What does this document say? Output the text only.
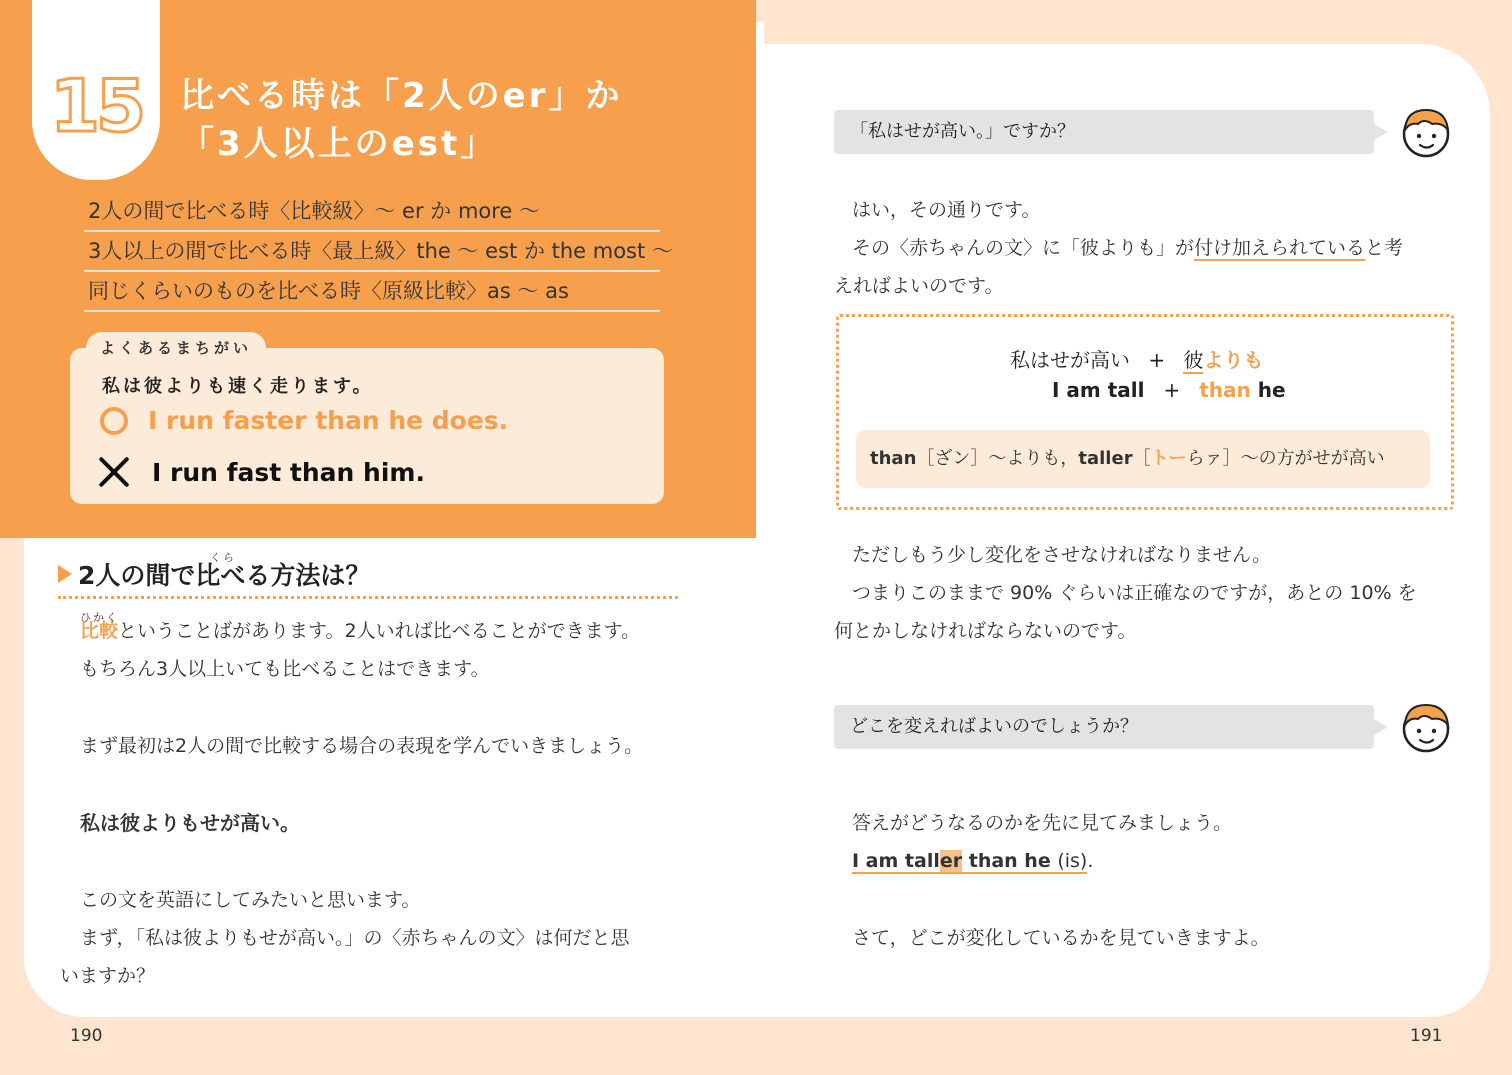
15 比べる時は「2人のer」か
「3人以上のest」
2人の間で比べる時〈比較級〉～ er か more ～
3人以上の間で比べる時〈最上級〉the ～ est か the most ～
同じくらいのものを比べる時〈原級比較〉as ～ as
よくあるまちがい
私は彼よりも速く走ります。
I run faster than he does.
I run fast than him.
くら
2人の間で比べる方法は？
ひかく
比較ということばがあります。2人いれば比べることができます。
もちろん3人以上いても比べることはできます。
まず最初は2人の間で比較する場合の表現を学んでいきましょう。
私は彼よりもせが高い。
この文を英語にしてみたいと思います。
まず，「私は彼よりもせが高い。」の〈赤ちゃんの文〉は何だと思
いますか？
「私はせが高い。」ですか？
はい，その通りです。
その〈赤ちゃんの文〉に「彼よりも」が付け加えられていると考
えればよいのです。
私はせが高い + 彼よりも
I am tall + than he
than［ざン］～よりも，taller［トーらァ］～の方がせが高い
ただしもう少し変化をさせなければなりません。
つまりこのままで 90% ぐらいは正確なのですが，あとの 10% を
何とかしなければならないのです。
どこを変えればよいのでしょうか？
答えがどうなるのかを先に見てみましょう。
I am taller than he (is).
さて，どこが変化しているかを見ていきますよ。
190	191
